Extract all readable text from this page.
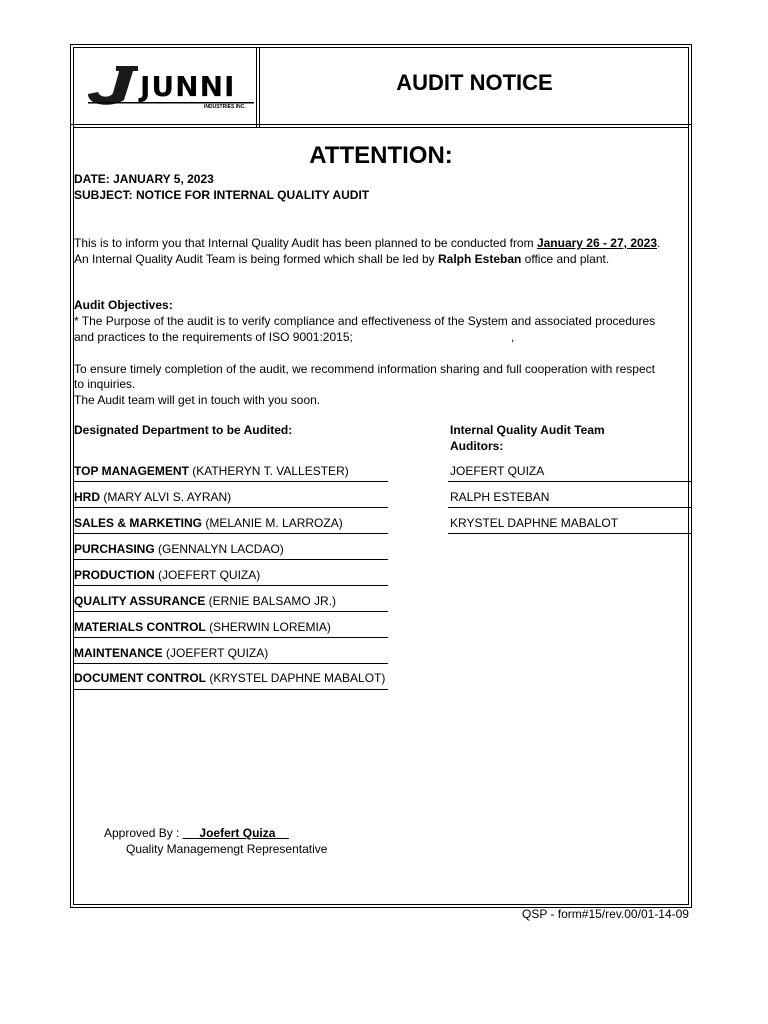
JUNNI
INDUSTRIES INC.
AUDIT NOTICE
ATTENTION:
DATE: JANUARY 5, 2023
SUBJECT: NOTICE FOR INTERNAL QUALITY AUDIT
This is to inform you that Internal Quality Audit has been planned to be conducted from January 26 - 27, 2023.
An Internal Quality Audit Team is being formed which shall be led by Ralph Esteban office and plant.
Audit Objectives:
* The Purpose of the audit is to verify compliance and effectiveness of the System and associated procedures
and practices to the requirements of ISO 9001:2015;	,
To ensure timely completion of the audit, we recommend information sharing and full cooperation with respect
to inquiries.
The Audit team will get in touch with you soon.
Designated Department to be Audited:	Internal Quality Audit Team
Auditors:
TOP MANAGEMENT (KATHERYN T. VALLESTER)
HRD (MARY ALVI S. AYRAN)
SALES & MARKETING (MELANIE M. LARROZA)
PURCHASING (GENNALYN LACDAO)
PRODUCTION (JOEFERT QUIZA)
QUALITY ASSURANCE (ERNIE BALSAMO JR.)
MATERIALS CONTROL (SHERWIN LOREMIA)
MAINTENANCE (JOEFERT QUIZA)
DOCUMENT CONTROL (KRYSTEL DAPHNE MABALOT)
JOEFERT QUIZA
RALPH ESTEBAN
KRYSTEL DAPHNE MABALOT
Approved By : _ _Joefert Quiza__
Quality Managemengt Representative
QSP - form#15/rev.00/01-14-09
